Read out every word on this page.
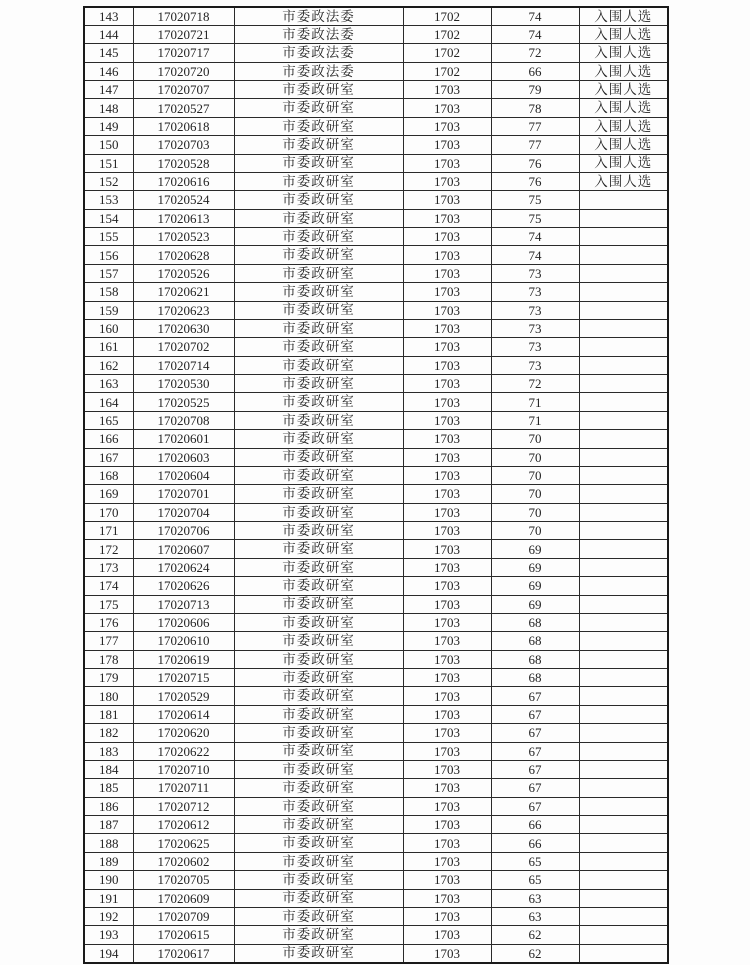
143	17020718	市委政法委	1702	74	入围人选
144	17020721	市委政法委	1702	74	入围人选
145	17020717	市委政法委	1702	72	入围人选
146	17020720	市委政法委	1702	66	入围人选
147	17020707	市委政研室	1703	79	入围人选
148	17020527	市委政研室	1703	78	入围人选
149	17020618	市委政研室	1703	77	入围人选
150	17020703	市委政研室	1703	77	入围人选
151	17020528	市委政研室	1703	76	入围人选
152	17020616	市委政研室	1703	76	入围人选
153	17020524	市委政研室	1703	75	
154	17020613	市委政研室	1703	75	
155	17020523	市委政研室	1703	74	
156	17020628	市委政研室	1703	74	
157	17020526	市委政研室	1703	73	
158	17020621	市委政研室	1703	73	
159	17020623	市委政研室	1703	73	
160	17020630	市委政研室	1703	73	
161	17020702	市委政研室	1703	73	
162	17020714	市委政研室	1703	73	
163	17020530	市委政研室	1703	72	
164	17020525	市委政研室	1703	71	
165	17020708	市委政研室	1703	71	
166	17020601	市委政研室	1703	70	
167	17020603	市委政研室	1703	70	
168	17020604	市委政研室	1703	70	
169	17020701	市委政研室	1703	70	
170	17020704	市委政研室	1703	70	
171	17020706	市委政研室	1703	70	
172	17020607	市委政研室	1703	69	
173	17020624	市委政研室	1703	69	
174	17020626	市委政研室	1703	69	
175	17020713	市委政研室	1703	69	
176	17020606	市委政研室	1703	68	
177	17020610	市委政研室	1703	68	
178	17020619	市委政研室	1703	68	
179	17020715	市委政研室	1703	68	
180	17020529	市委政研室	1703	67	
181	17020614	市委政研室	1703	67	
182	17020620	市委政研室	1703	67	
183	17020622	市委政研室	1703	67	
184	17020710	市委政研室	1703	67	
185	17020711	市委政研室	1703	67	
186	17020712	市委政研室	1703	67	
187	17020612	市委政研室	1703	66	
188	17020625	市委政研室	1703	66	
189	17020602	市委政研室	1703	65	
190	17020705	市委政研室	1703	65	
191	17020609	市委政研室	1703	63	
192	17020709	市委政研室	1703	63	
193	17020615	市委政研室	1703	62	
194	17020617	市委政研室	1703	62	
